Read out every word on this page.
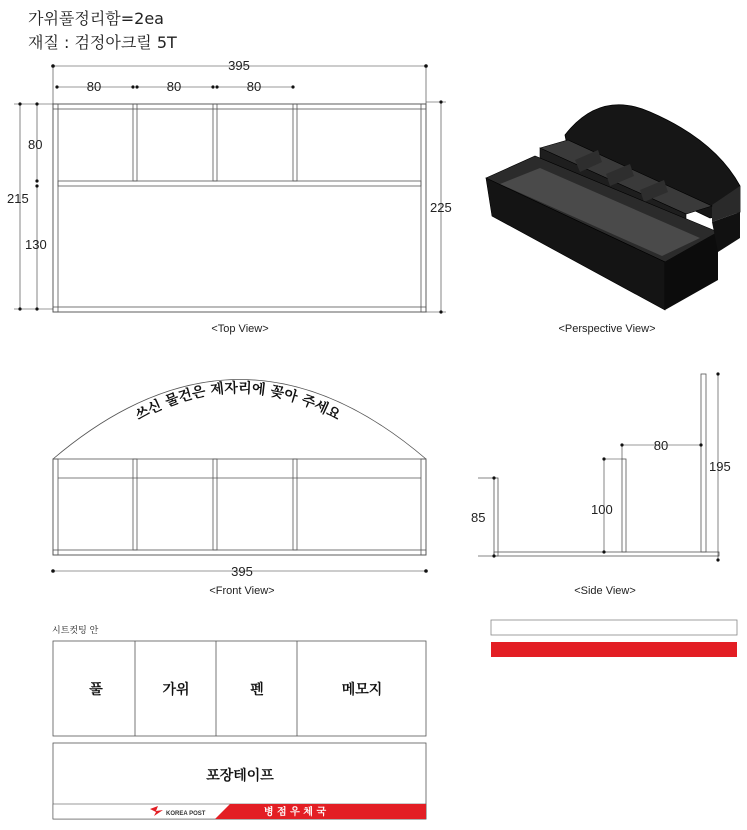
가위풀정리함=2ea
재질 : 검정아크릴 5T
395
80	80	80
80
215
130
225
<Top View>	<Perspective View>
쓰신 물건은 제자리에 꽂아 주세요
395
<Front View>
85
100
80
195
<Side View>
시트컷팅 안
풀	가위	펜	메모지
포장테이프
KOREA POST	병 점 우 체 국
